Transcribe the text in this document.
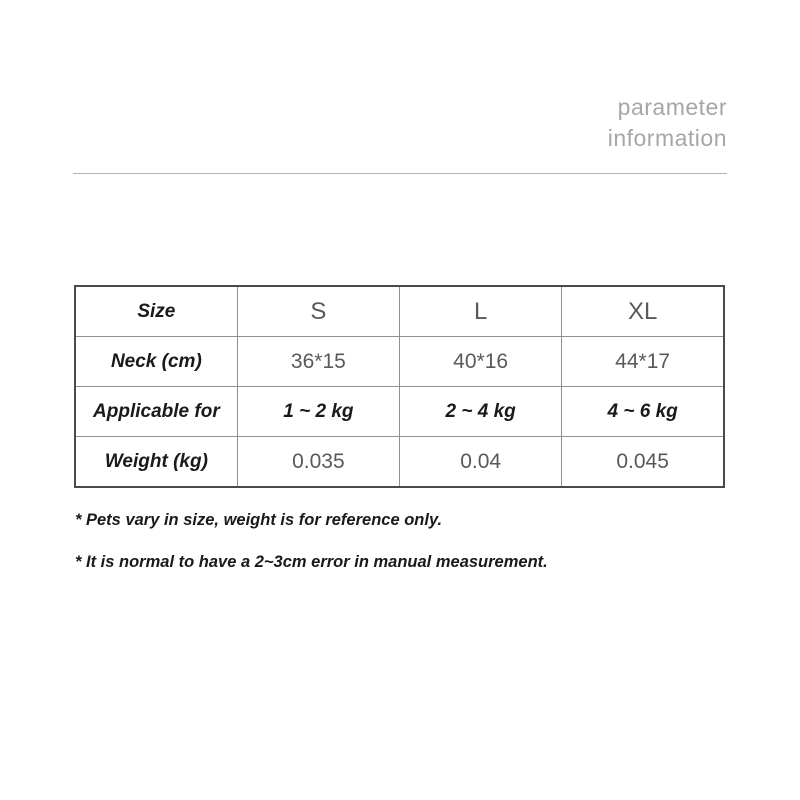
parameter
information
Size	S	L	XL
Neck (cm)	36*15	40*16	44*17
Applicable for	1 ~ 2 kg	2 ~ 4 kg	4 ~ 6 kg
Weight (kg)	0.035	0.04	0.045

* Pets vary in size, weight is for reference only.

* It is normal to have a 2~3cm error in manual measurement.
